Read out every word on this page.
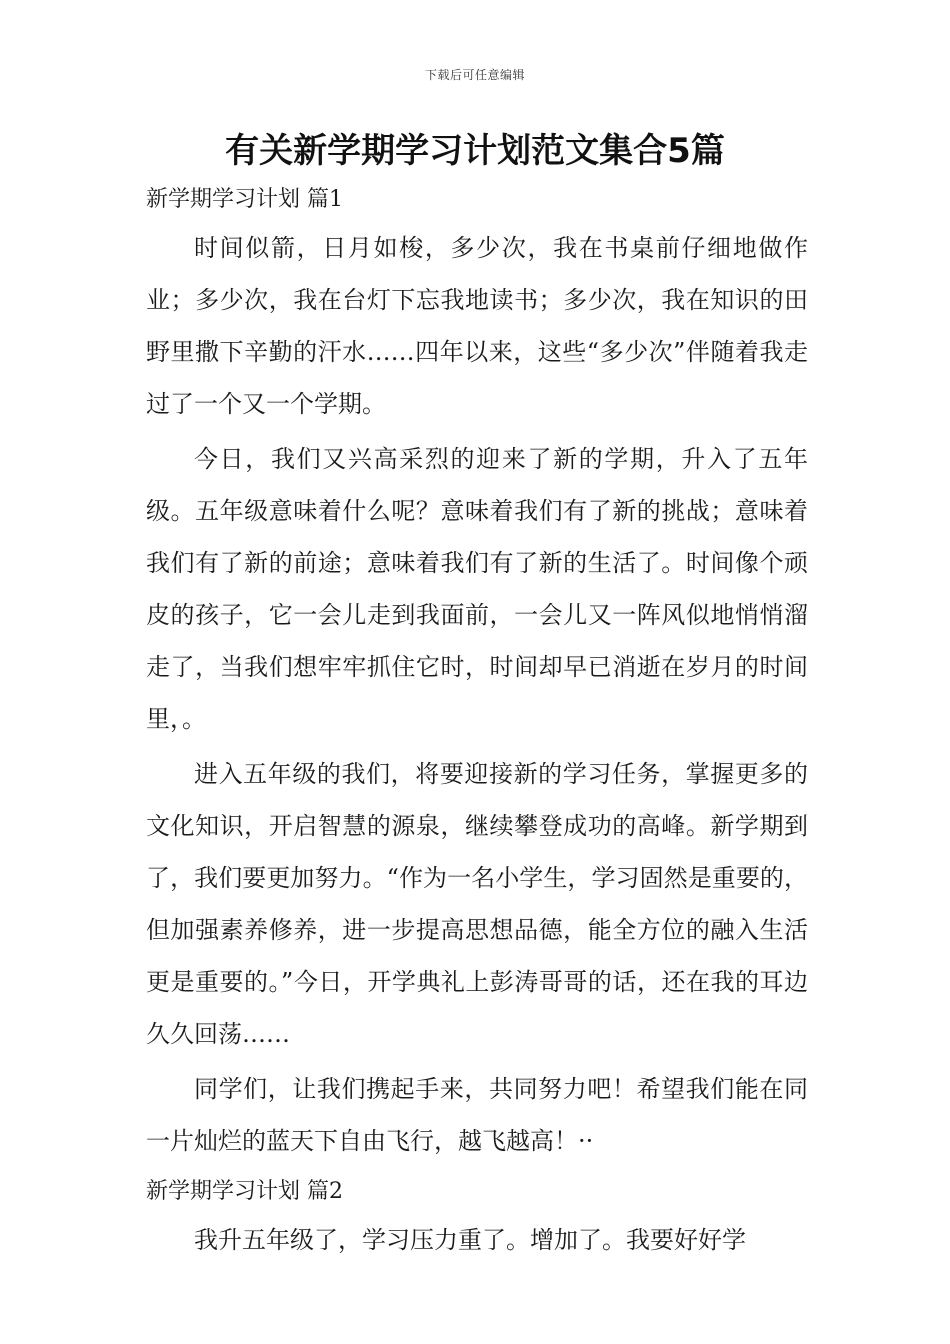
下载后可任意编辑
有关新学期学习计划范文集合5篇
新学期学习计划 篇1

时间似箭，日月如梭，多少次，我在书桌前仔细地做作业；多少次，我在台灯下忘我地读书；多少次，我在知识的田野里撒下辛勤的汗水……四年以来，这些“多少次”伴随着我走过了一个又一个学期。

今日，我们又兴高采烈的迎来了新的学期，升入了五年级。五年级意味着什么呢？意味着我们有了新的挑战；意味着我们有了新的前途；意味着我们有了新的生活了。时间像个顽皮的孩子，它一会儿走到我面前，一会儿又一阵风似地悄悄溜走了，当我们想牢牢抓住它时，时间却早已消逝在岁月的时间里，。

进入五年级的我们，将要迎接新的学习任务，掌握更多的文化知识，开启智慧的源泉，继续攀登成功的高峰。新学期到了，我们要更加努力。“作为一名小学生，学习固然是重要的，但加强素养修养，进一步提高思想品德，能全方位的融入生活更是重要的。”今日，开学典礼上彭涛哥哥的话，还在我的耳边久久回荡……

同学们，让我们携起手来，共同努力吧！希望我们能在同一片灿烂的蓝天下自由飞行，越飞越高！··

新学期学习计划 篇2

我升五年级了，学习压力重了。增加了。我要好好学
